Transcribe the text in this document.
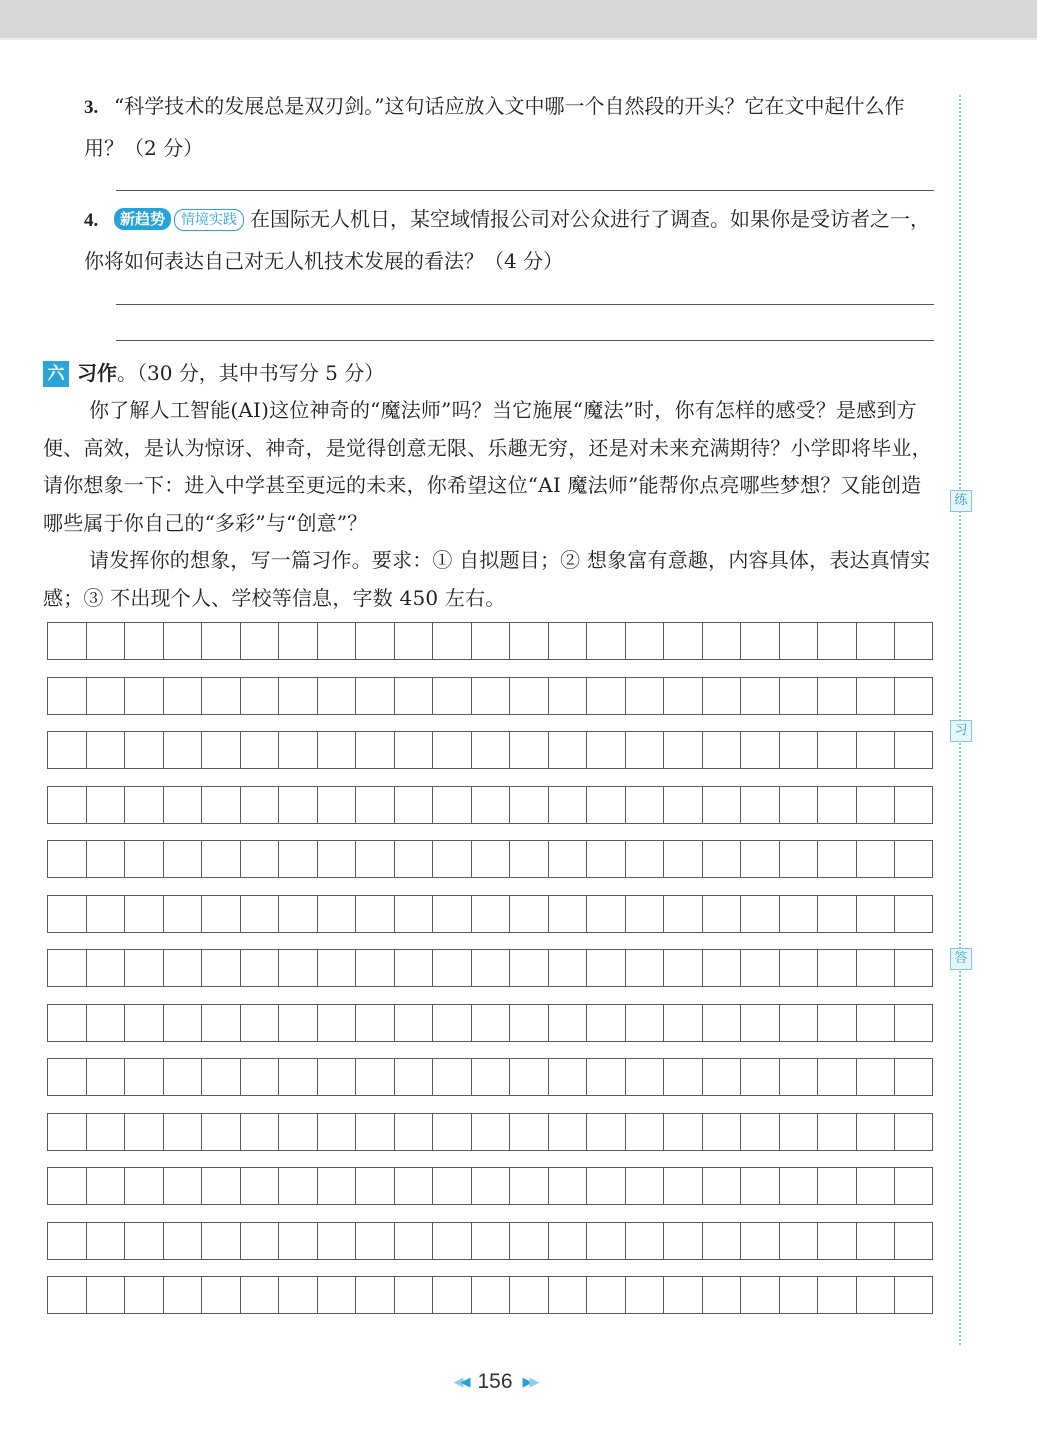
3. “科学技术的发展总是双刃剑。”这句话应放入文中哪一个自然段的开头？它在文中起什么作用？（2 分）
4. 新趋势 情境实践 在国际无人机日，某空域情报公司对公众进行了调查。如果你是受访者之一，你将如何表达自己对无人机技术发展的看法？（4 分）
六 习作。（30 分，其中书写分 5 分）
你了解人工智能(AI)这位神奇的“魔法师”吗？当它施展“魔法”时，你有怎样的感受？是感到方便、高效，是认为惊讶、神奇，是觉得创意无限、乐趣无穷，还是对未来充满期待？小学即将毕业，请你想象一下：进入中学甚至更远的未来，你希望这位“AI 魔法师”能帮你点亮哪些梦想？又能创造哪些属于你自己的“多彩”与“创意”？
请发挥你的想象，写一篇习作。要求：① 自拟题目；② 想象富有意趣，内容具体，表达真情实感；③ 不出现个人、学校等信息，字数 450 左右。
练
习
答
◀◀ 156 ▶▶
